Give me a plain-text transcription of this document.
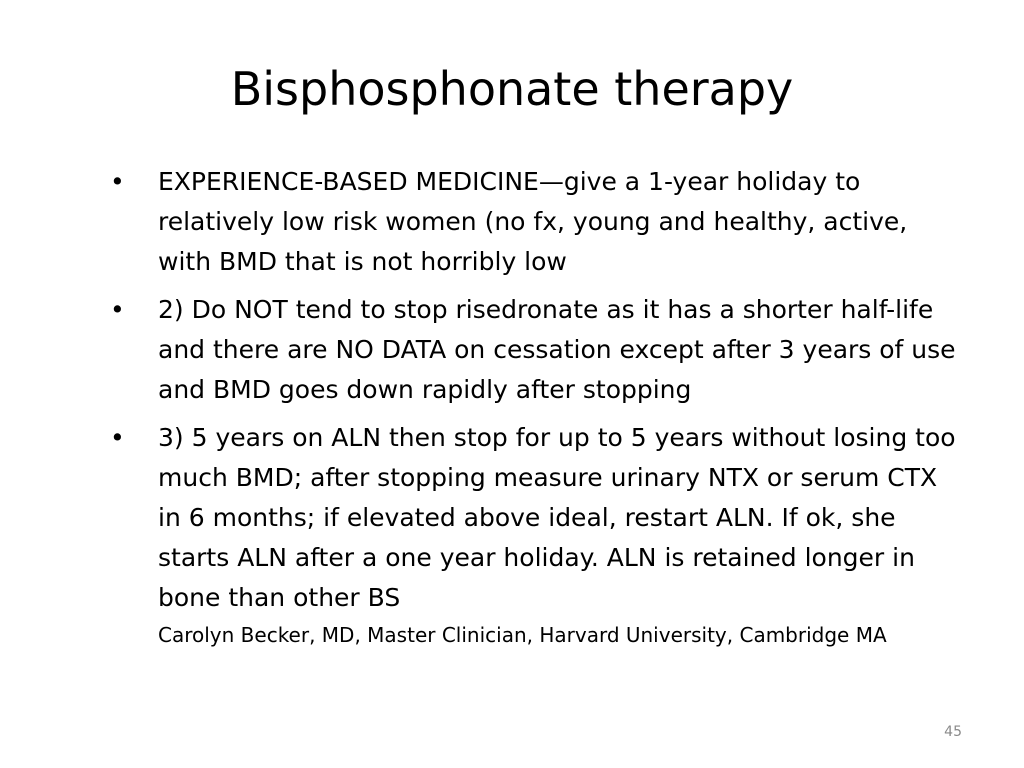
Bisphosphonate therapy
• EXPERIENCE-BASED MEDICINE—give a 1-year holiday to relatively low risk women (no fx, young and healthy, active, with BMD that is not horribly low
• 2) Do NOT tend to stop risedronate as it has a shorter half-life and there are NO DATA on cessation except after 3 years of use and BMD goes down rapidly after stopping
• 3) 5 years on ALN then stop for up to 5 years without losing too much BMD; after stopping measure urinary NTX or serum CTX in 6 months; if elevated above ideal, restart ALN. If ok, she starts ALN after a one year holiday. ALN is retained longer in bone than other BS
Carolyn Becker, MD, Master Clinician, Harvard University, Cambridge MA
45
